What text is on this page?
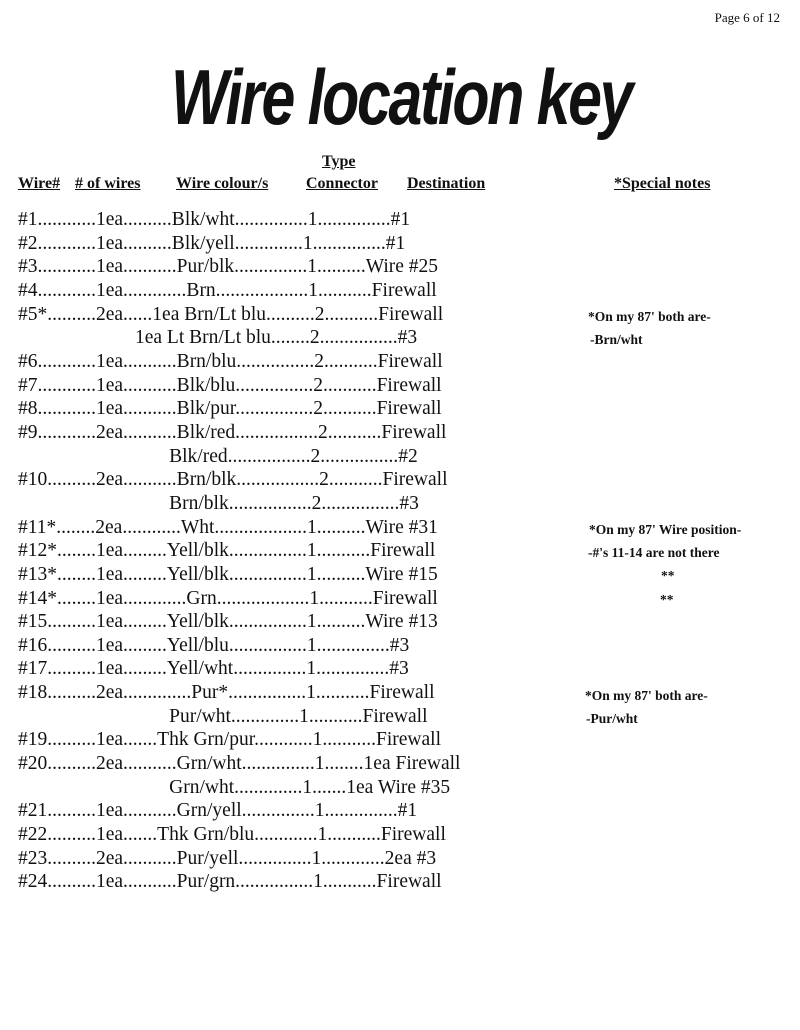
Page 6 of 12
Wire location key
Type
Wire# # of wires Wire colour/s Connector Destination	*Special notes
#1............1ea..........Blk/wht...............1...............#1
#2............1ea..........Blk/yell..............1...............#1
#3............1ea...........Pur/blk...............1..........Wire #25
#4............1ea.............Brn...................1...........Firewall
#5*..........2ea......1ea Brn/Lt blu..........2...........Firewall
1ea Lt Brn/Lt blu........2................#3
#6............1ea...........Brn/blu................2...........Firewall
#7............1ea...........Blk/blu................2...........Firewall
#8............1ea...........Blk/pur................2...........Firewall
#9............2ea...........Blk/red.................2...........Firewall
Blk/red.................2................#2
#10..........2ea...........Brn/blk.................2...........Firewall
Brn/blk.................2................#3
#11*........2ea............Wht...................1..........Wire #31
#12*........1ea.........Yell/blk................1...........Firewall
#13*........1ea.........Yell/blk................1..........Wire #15
#14*........1ea.............Grn...................1...........Firewall
#15..........1ea.........Yell/blk................1..........Wire #13
#16..........1ea.........Yell/blu................1...............#3
#17..........1ea.........Yell/wht...............1...............#3
#18..........2ea..............Pur*................1...........Firewall
Pur/wht..............1...........Firewall
#19..........1ea.......Thk Grn/pur............1...........Firewall
#20..........2ea...........Grn/wht...............1........1ea Firewall
Grn/wht..............1.......1ea Wire #35
#21..........1ea...........Grn/yell...............1...............#1
#22..........1ea.......Thk Grn/blu.............1...........Firewall
#23..........2ea...........Pur/yell...............1.............2ea #3
#24..........1ea...........Pur/grn................1...........Firewall
*On my 87' both are-
-Brn/wht
*On my 87' Wire position-
-#'s 11-14 are not there
**
**
*On my 87' both are-
-Pur/wht
